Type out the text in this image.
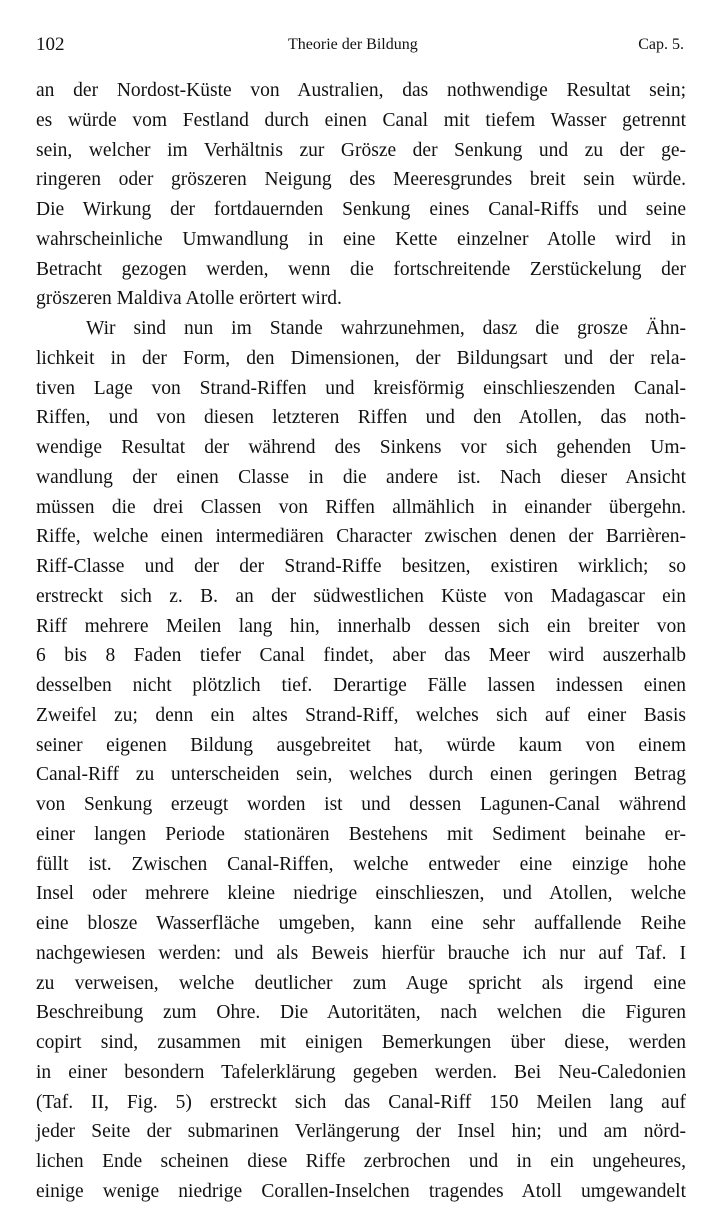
102	Theorie der Bildung	Cap. 5.
an der Nordost-Küste von Australien, das nothwendige Resultat sein;
es würde vom Festland durch einen Canal mit tiefem Wasser getrennt
sein, welcher im Verhältnis zur Grösze der Senkung und zu der ge-
ringeren oder gröszeren Neigung des Meeresgrundes breit sein würde.
Die Wirkung der fortdauernden Senkung eines Canal-Riffs und seine
wahrscheinliche Umwandlung in eine Kette einzelner Atolle wird in
Betracht gezogen werden, wenn die fortschreitende Zerstückelung der
gröszeren Maldiva Atolle erörtert wird.
Wir sind nun im Stande wahrzunehmen, dasz die grosze Ähn-
lichkeit in der Form, den Dimensionen, der Bildungsart und der rela-
tiven Lage von Strand-Riffen und kreisförmig einschlieszenden Canal-
Riffen, und von diesen letzteren Riffen und den Atollen, das noth-
wendige Resultat der während des Sinkens vor sich gehenden Um-
wandlung der einen Classe in die andere ist. Nach dieser Ansicht
müssen die drei Classen von Riffen allmählich in einander übergehn.
Riffe, welche einen intermediären Character zwischen denen der Barrièren-
Riff-Classe und der der Strand-Riffe besitzen, existiren wirklich; so
erstreckt sich z. B. an der südwestlichen Küste von Madagascar ein
Riff mehrere Meilen lang hin, innerhalb dessen sich ein breiter von
6 bis 8 Faden tiefer Canal findet, aber das Meer wird auszerhalb
desselben nicht plötzlich tief. Derartige Fälle lassen indessen einen
Zweifel zu; denn ein altes Strand-Riff, welches sich auf einer Basis
seiner eigenen Bildung ausgebreitet hat, würde kaum von einem
Canal-Riff zu unterscheiden sein, welches durch einen geringen Betrag
von Senkung erzeugt worden ist und dessen Lagunen-Canal während
einer langen Periode stationären Bestehens mit Sediment beinahe er-
füllt ist. Zwischen Canal-Riffen, welche entweder eine einzige hohe
Insel oder mehrere kleine niedrige einschlieszen, und Atollen, welche
eine blosze Wasserfläche umgeben, kann eine sehr auffallende Reihe
nachgewiesen werden: und als Beweis hierfür brauche ich nur auf Taf. I
zu verweisen, welche deutlicher zum Auge spricht als irgend eine
Beschreibung zum Ohre. Die Autoritäten, nach welchen die Figuren
copirt sind, zusammen mit einigen Bemerkungen über diese, werden
in einer besondern Tafelerklärung gegeben werden. Bei Neu-Caledonien
(Taf. II, Fig. 5) erstreckt sich das Canal-Riff 150 Meilen lang auf
jeder Seite der submarinen Verlängerung der Insel hin; und am nörd-
lichen Ende scheinen diese Riffe zerbrochen und in ein ungeheures,
einige wenige niedrige Corallen-Inselchen tragendes Atoll umgewandelt
